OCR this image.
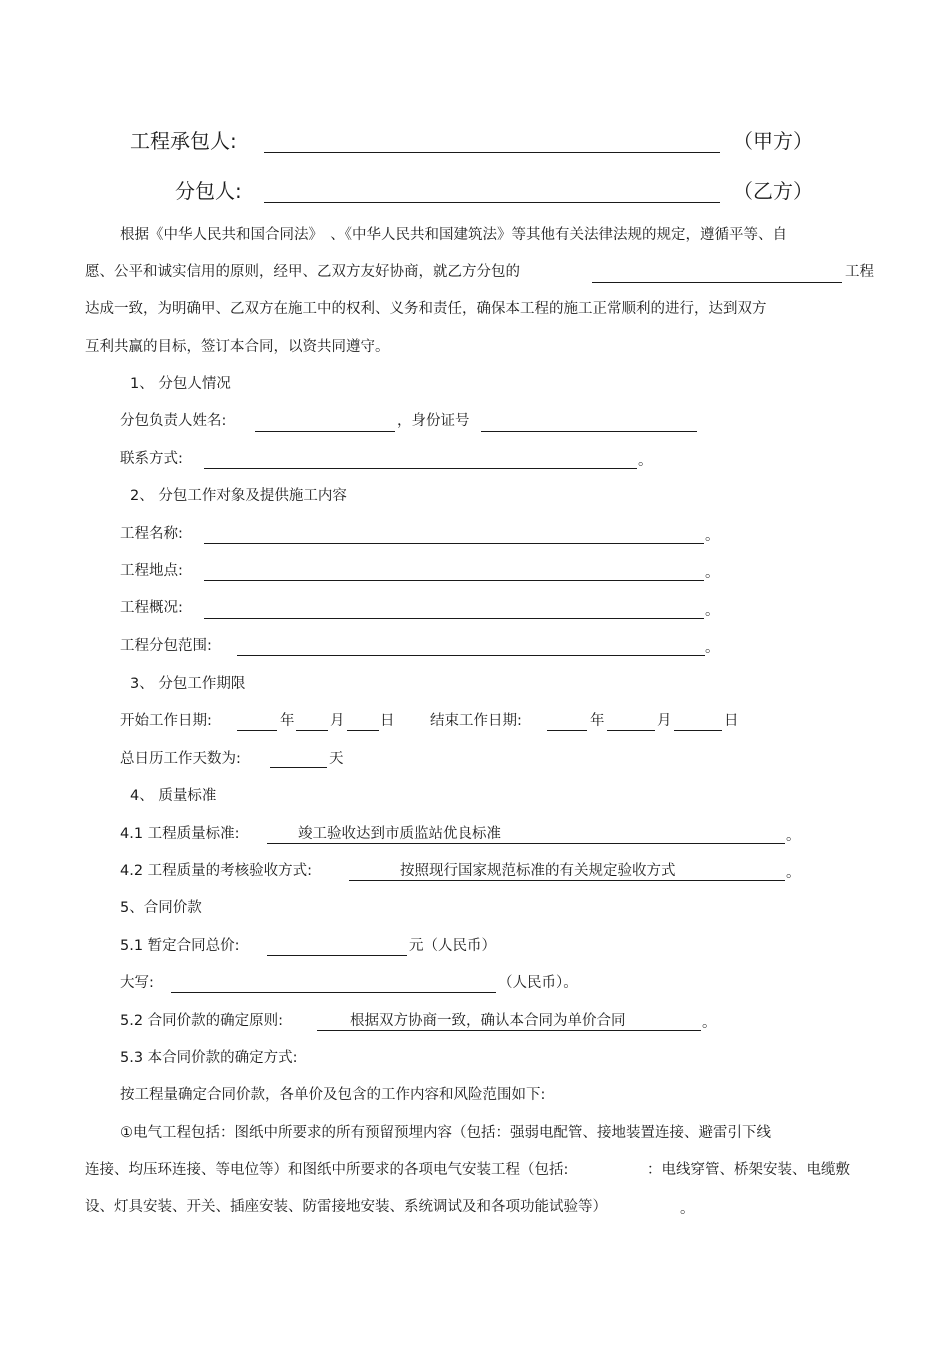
工程承包人:	（甲方）
分包人:	（乙方）
根据《中华人民共和国合同法》　、《中华人民共和国建筑法》等其他有关法律法规的规定，遵循平等、自
愿、公平和诚实信用的原则，经甲、乙双方友好协商，就乙方分包的	工程
达成一致，为明确甲、乙双方在施工中的权利、义务和责任，确保本工程的施工正常顺利的进行，达到双方
互利共赢的目标，签订本合同，以资共同遵守。
1、 分包人情况
分包负责人姓名:	，身份证号
联系方式:	。
2、 分包工作对象及提供施工内容
工程名称:	。
工程地点:	。
工程概况:	。
工程分包范围:	。
3、 分包工作期限
开始工作日期:	年 月 日 结束工作日期:	年	月	日
总日历工作天数为:	天
4、 质量标准
4.1 工程质量标准:	竣工验收达到市质监站优良标准	。
4.2 工程质量的考核验收方式:	按照现行国家规范标准的有关规定验收方式	。
5、合同价款
5.1 暂定合同总价:	元（人民币）
大写:	（人民币）。
5.2 合同价款的确定原则:	根据双方协商一致，确认本合同为单价合同	。
5.3 本合同价款的确定方式:
按工程量确定合同价款，各单价及包含的工作内容和风险范围如下:
①电气工程包括：图纸中所要求的所有预留预埋内容（包括：强弱电配管、接地装置连接、避雷引下线
连接、均压环连接、等电位等）和图纸中所要求的各项电气安装工程（包括:	：电线穿管、桥架安装、电缆敷
设、灯具安装、开关、插座安装、防雷接地安装、系统调试及和各项功能试验等）	。
